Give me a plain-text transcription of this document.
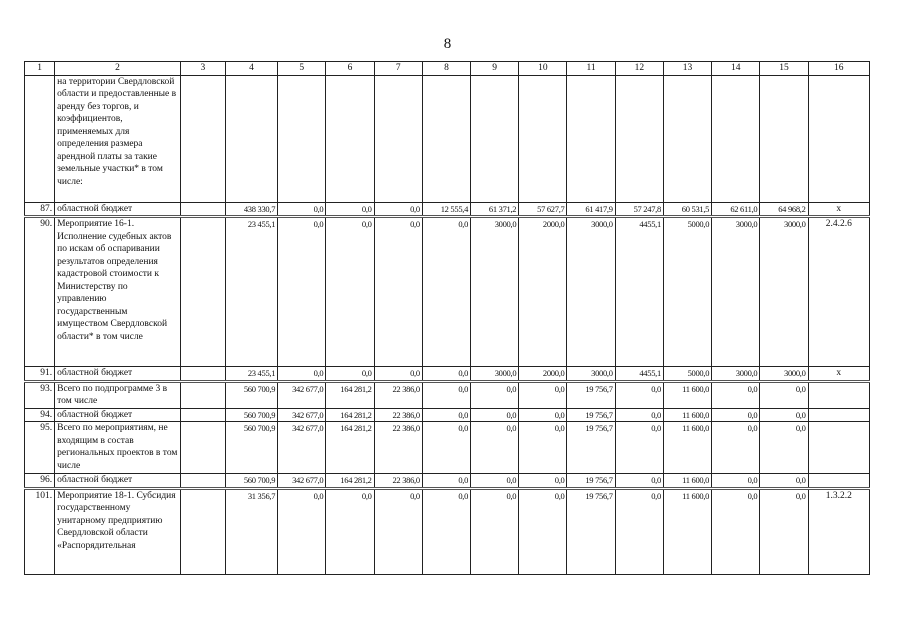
8
1	2	3	4	5	6	7	8	9	10	11	12	13	14	15	16
	на территории Свердловской области и предоставленные в аренду без торгов, и коэффициентов, применяемых для определения размера арендной платы за такие земельные участки* в том числе:														
87.	областной бюджет		438 330,7	0,0	0,0	0,0	12 555,4	61 371,2	57 627,7	61 417,9	57 247,8	60 531,5	62 611,0	64 968,2	х
90.	Мероприятие 16-1. Исполнение судебных актов по искам об оспаривании результатов определения кадастровой стоимости к Министерству по управлению государственным имуществом Свердловской области* в том числе		23 455,1	0,0	0,0	0,0	0,0	3000,0	2000,0	3000,0	4455,1	5000,0	3000,0	3000,0	2.4.2.6
91.	областной бюджет		23 455,1	0,0	0,0	0,0	0,0	3000,0	2000,0	3000,0	4455,1	5000,0	3000,0	3000,0	х
93.	Всего по подпрограмме 3 в том числе		560 700,9	342 677,0	164 281,2	22 386,0	0,0	0,0	0,0	19 756,7	0,0	11 600,0	0,0	0,0	
94.	областной бюджет		560 700,9	342 677,0	164 281,2	22 386,0	0,0	0,0	0,0	19 756,7	0,0	11 600,0	0,0	0,0	
95.	Всего по мероприятиям, не входящим в состав региональных проектов в том числе		560 700,9	342 677,0	164 281,2	22 386,0	0,0	0,0	0,0	19 756,7	0,0	11 600,0	0,0	0,0	
96.	областной бюджет		560 700,9	342 677,0	164 281,2	22 386,0	0,0	0,0	0,0	19 756,7	0,0	11 600,0	0,0	0,0	
101.	Мероприятие 18-1. Субсидия государственному унитарному предприятию Свердловской области «Распорядительная		31 356,7	0,0	0,0	0,0	0,0	0,0	0,0	19 756,7	0,0	11 600,0	0,0	0,0	1.3.2.2
